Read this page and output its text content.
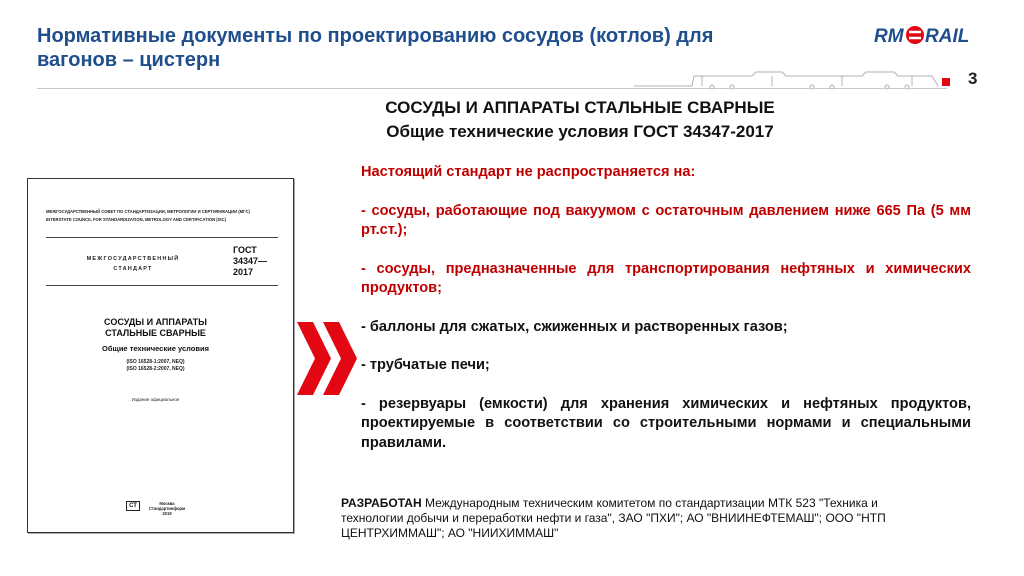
Нормативные документы по проектированию сосудов (котлов) для
вагонов – цистерн
RM RAIL
3
СОСУДЫ И АППАРАТЫ СТАЛЬНЫЕ СВАРНЫЕ
Общие технические условия ГОСТ 34347-2017
МЕЖГОСУДАРСТВЕННЫЙ СОВЕТ ПО СТАНДАРТИЗАЦИИ, МЕТРОЛОГИИ И СЕРТИФИКАЦИИ (МГС)
INTERSTATE COUNCIL FOR STANDARDIZATION, METROLOGY AND CERTIFICATION (ISC)
МЕЖГОСУДАРСТВЕННЫЙ
СТАНДАРТ
ГОСТ
34347—
2017
СОСУДЫ И АППАРАТЫ
СТАЛЬНЫЕ СВАРНЫЕ
Общие технические условия
(ISO 16528-1:2007, NEQ)
(ISO 16528-2:2007, NEQ)
Издание официальное
СТ	Москва
Стандартинформ
2019

Настоящий стандарт не распространяется на:

- сосуды, работающие под вакуумом с остаточным давлением ниже 665 Па (5 мм рт.ст.);

- сосуды, предназначенные для транспортирования нефтяных и химических продуктов;

- баллоны для сжатых, сжиженных и растворенных газов;

- трубчатые печи;

- резервуары (емкости) для хранения химических и нефтяных продуктов, проектируемые в соответствии со строительными нормами и специальными правилами.

РАЗРАБОТАН Международным техническим комитетом по стандартизации МТК 523 "Техника и технологии добычи и переработки нефти и газа", ЗАО "ПХИ"; АО "ВНИИНЕФТЕМАШ"; ООО "НТП ЦЕНТРХИММАШ"; АО "НИИХИММАШ"
